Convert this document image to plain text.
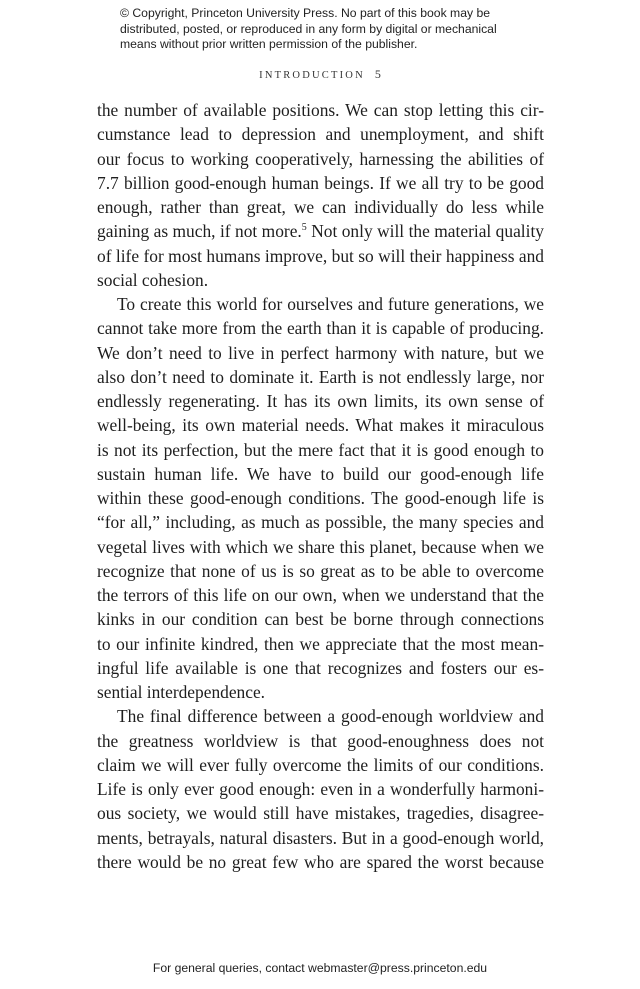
© Copyright, Princeton University Press. No part of this book may be
distributed, posted, or reproduced in any form by digital or mechanical
means without prior written permission of the publisher.
INTRODUCTION 5
the number of available positions. We can stop letting this cir-
cumstance lead to depression and unemployment, and shift
our focus to working cooperatively, harnessing the abilities of
7.7 billion good-enough human beings. If we all try to be good
enough, rather than great, we can individually do less while
gaining as much, if not more.$^5$ Not only will the material quality
of life for most humans improve, but so will their happiness and
social cohesion.
To create this world for ourselves and future generations, we
cannot take more from the earth than it is capable of producing.
We don’t need to live in perfect harmony with nature, but we
also don’t need to dominate it. Earth is not endlessly large, nor
endlessly regenerating. It has its own limits, its own sense of
well-being, its own material needs. What makes it miraculous
is not its perfection, but the mere fact that it is good enough to
sustain human life. We have to build our good-enough life
within these good-enough conditions. The good-enough life is
“for all,” including, as much as possible, the many species and
vegetal lives with which we share this planet, because when we
recognize that none of us is so great as to be able to overcome
the terrors of this life on our own, when we understand that the
kinks in our condition can best be borne through connections
to our infinite kindred, then we appreciate that the most mean-
ingful life available is one that recognizes and fosters our es-
sential interdependence.
The final difference between a good-enough worldview and
the greatness worldview is that good-enoughness does not
claim we will ever fully overcome the limits of our conditions.
Life is only ever good enough: even in a wonderfully harmoni-
ous society, we would still have mistakes, tragedies, disagree-
ments, betrayals, natural disasters. But in a good-enough world,
there would be no great few who are spared the worst because
For general queries, contact webmaster@press.princeton.edu
